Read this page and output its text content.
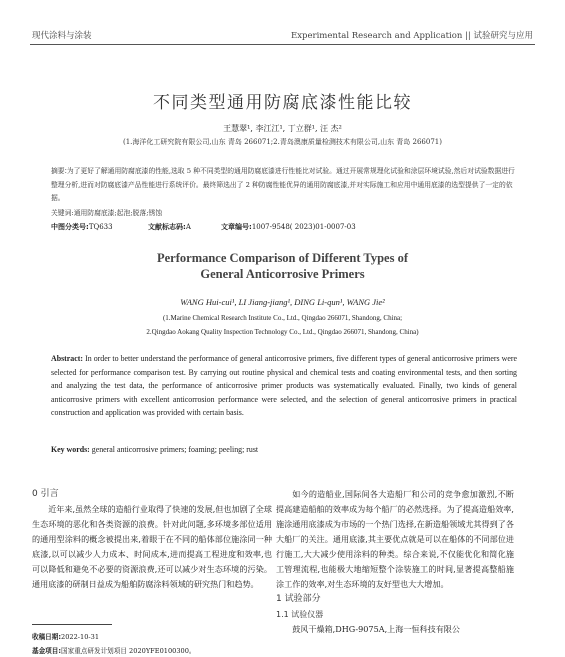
现代涂料与涂装	Experimental Research and Application || 试验研究与应用
不同类型通用防腐底漆性能比较
王慧翠¹, 李江江¹, 丁立群¹, 汪 杰²
(1.海洋化工研究院有限公司,山东 青岛 266071;2.青岛澳康质量检测技术有限公司,山东 青岛 266071)
摘要:为了更好了解通用防腐底漆的性能,选取 5 种不同类型的通用防腐底漆进行性能比对试验。通过开展常规理化试验和涂层环境试验,然后对试验数据进行整理分析,进而对防腐底漆产品性能进行系统评价。最终筛选出了 2 种防腐性能优异的通用防腐底漆,并对实际施工和应用中通用底漆的选型提供了一定的依据。
关键词:通用防腐底漆;起泡;脱落;锈蚀
中图分类号:TQ633	文献标志码:A	文章编号:1007-9548( 2023)01-0007-03
Performance Comparison of Different Types of
General Anticorrosive Primers
WANG Hui-cui¹, LI Jiang-jiang¹, DING Li-qun¹, WANG Jie²
(1.Marine Chemical Research Institute Co., Ltd., Qingdao 266071, Shandong, China;
2.Qingdao Aokang Quality Inspection Technology Co., Ltd., Qingdao 266071, Shandong, China)
Abstract: In order to better understand the performance of general anticorrosive primers, five different types of general anticorrosive primers were selected for performance comparison test. By carrying out routine physical and chemical tests and coating environmental tests, and then sorting and analyzing the test data, the performance of anticorrosive primer products was systematically evaluated. Finally, two kinds of general anticorrosive primers with excellent anticorrosion performance were selected, and the selection of general anticorrosive primers in practical construction and application was provided with certain basis.
Key words: general anticorrosive primers; foaming; peeling; rust
0 引言

近年来,虽然全球的造船行业取得了快速的发展,但也加剧了全球生态环境的恶化和各类资源的浪费。针对此问题,多环境多部位适用的通用型涂料的概念被提出来,着眼于在不同的船体部位施涂同一种底漆,以可以减少人力成本、时间成本,进而提高工程进度和效率,也可以降低和避免不必要的资源浪费,还可以减少对生态环境的污染。通用底漆的研制日益成为船舶防腐涂料领域的研究热门和趋势。

如今的造船业,国际间各大造船厂和公司的竞争愈加激烈,不断提高建造船舶的效率成为每个船厂的必然选择。为了提高造船效率,施涂通用底漆成为市场的一个热门选择,在新造船领域尤其得到了各大船厂的关注。通用底漆,其主要优点就是可以在船体的不同部位进行施工,大大减少使用涂料的种类。综合来说,不仅能优化和简化施工管理流程,也能极大地缩短整个涂装施工的时间,显著提高整船施涂工作的效率,对生态环境的友好型也大大增加。

1 试验部分
1.1 试验仪器

鼓风干燥箱,DHG-9075A,上海一恒科技有限公

收稿日期:2022-10-31
基金项目:国家重点研发计划项目 2020YFE0100300。
